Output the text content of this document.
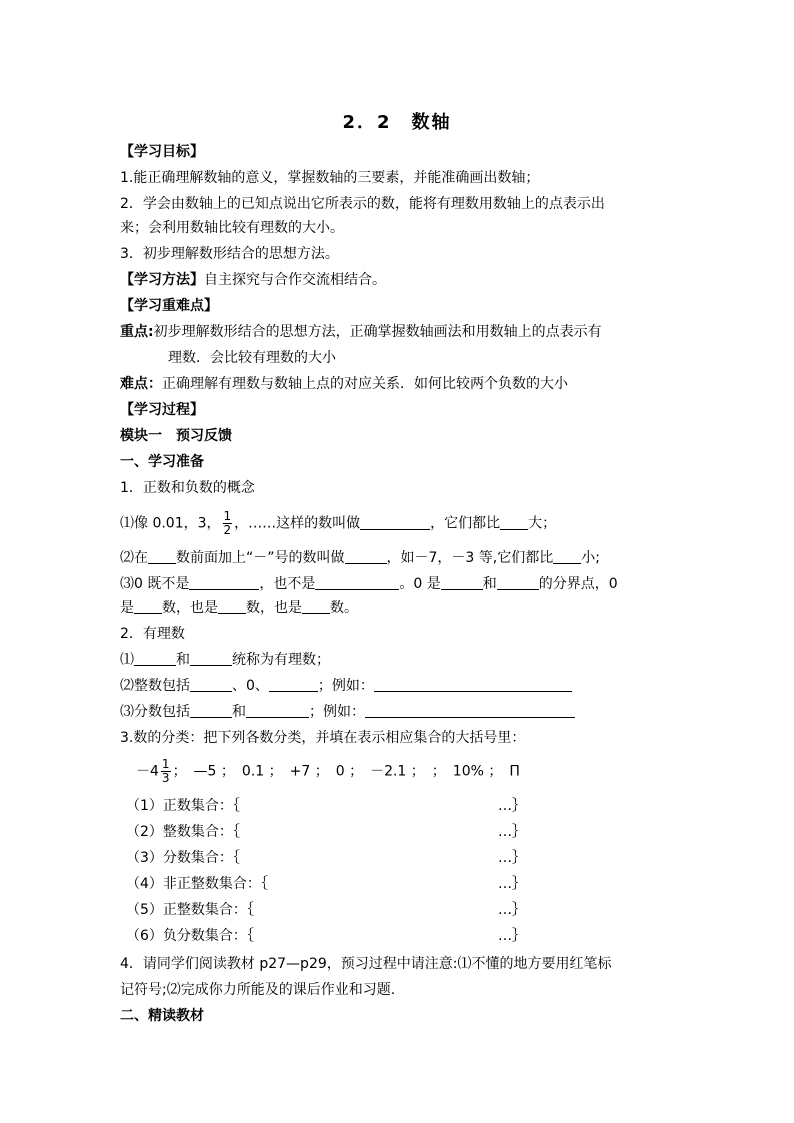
2．2　数轴
【学习目标】
1.能正确理解数轴的意义，掌握数轴的三要素，并能准确画出数轴；
2．学会由数轴上的已知点说出它所表示的数，能将有理数用数轴上的点表示出
来；会利用数轴比较有理数的大小。
3．初步理解数形结合的思想方法。
【学习方法】自主探究与合作交流相结合。
【学习重难点】
重点:初步理解数形结合的思想方法，正确掌握数轴画法和用数轴上的点表示有
理数．会比较有理数的大小
难点：正确理解有理数与数轴上点的对应关系．如何比较两个负数的大小
【学习过程】
模块一　预习反馈
一、学习准备
1．正数和负数的概念
⑴像 0.01，3， $\frac{1}{2}$ ，……这样的数叫做	，它们都比 大；
⑵在 数前面加上“－”号的数叫做	，如－7，－3 等,它们都比 小;
⑶0 既不是	，也不是	。0 是	和	的分界点，0
是 数，也是 数，也是 数。
2．有理数
⑴	和	统称为有理数；
⑵整数包括	、0、	；例如：
⑶分数包括	和	；例如：
3.数的分类：把下列各数分类，并填在表示相应集合的大括号里：
$-4 \frac{1}{3}$ ；　—5 ；　0.1 ；　+7 ；　0 ；　－2.1 ；　；　10% ；　Π
（1）正数集合：｛	…｝
（2）整数集合：｛	…｝
（3）分数集合：｛	…｝
（4）非正整数集合：｛	…｝
（5）正整数集合：｛	…｝
（6）负分数集合：｛	…｝
4．请同学们阅读教材 p27—p29，预习过程中请注意:⑴不懂的地方要用红笔标
记符号;⑵完成你力所能及的课后作业和习题.
二、精读教材
